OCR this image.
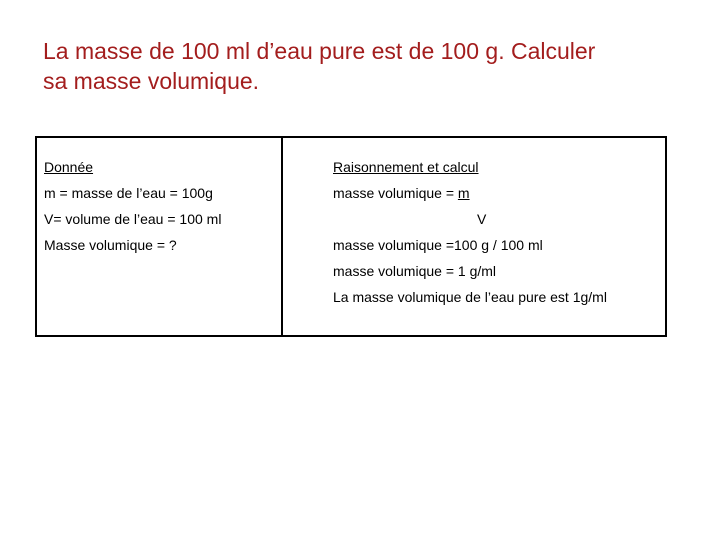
La masse de 100 ml d’eau pure est de 100 g. Calculer
sa masse volumique.
Donnée
m = masse de l’eau = 100g
V= volume de l’eau = 100 ml
Masse volumique = ?
Raisonnement et calcul
masse volumique = m
V
masse volumique =100 g / 100 ml
masse volumique = 1 g/ml
La masse volumique de l’eau pure est 1g/ml
